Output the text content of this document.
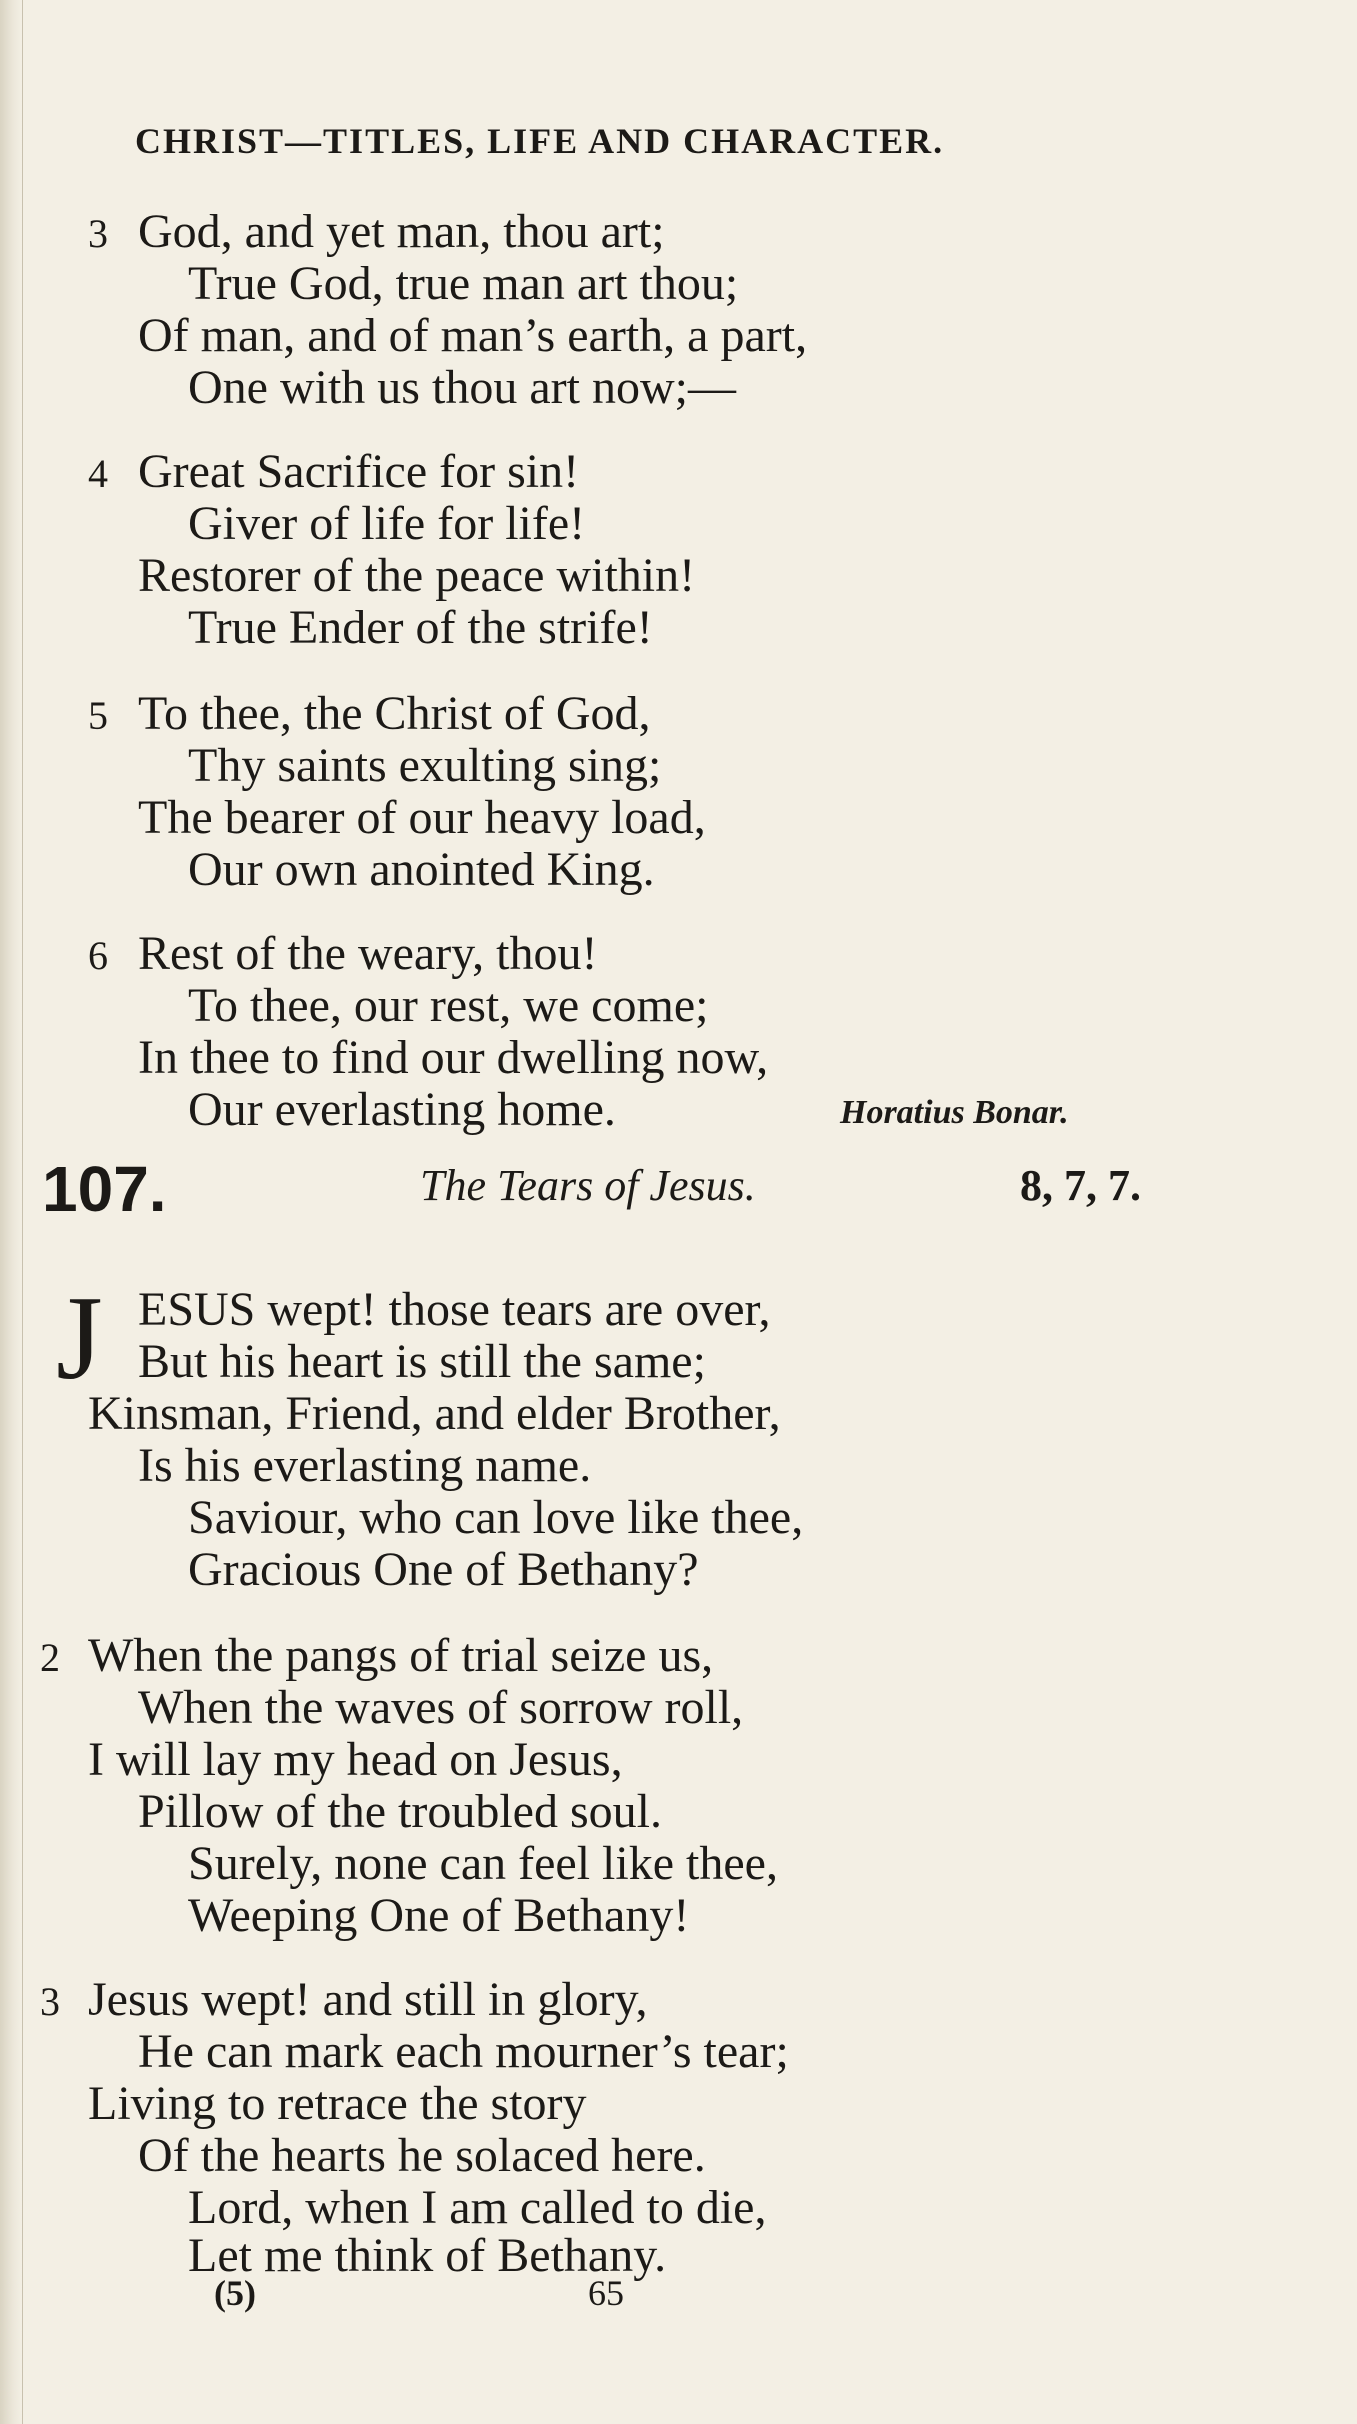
CHRIST—TITLES, LIFE AND CHARACTER.
3 God, and yet man, thou art;
True God, true man art thou;
Of man, and of man’s earth, a part,
One with us thou art now;—
4 Great Sacrifice for sin!
Giver of life for life!
Restorer of the peace within!
True Ender of the strife!
5 To thee, the Christ of God,
Thy saints exulting sing;
The bearer of our heavy load,
Our own anointed King.
6 Rest of the weary, thou!
To thee, our rest, we come;
In thee to find our dwelling now,
Our everlasting home.	Horatius Bonar.
107.	The Tears of Jesus.	8, 7, 7.
J ESUS wept! those tears are over,
But his heart is still the same;
Kinsman, Friend, and elder Brother,
Is his everlasting name.
Saviour, who can love like thee,
Gracious One of Bethany?
2 When the pangs of trial seize us,
When the waves of sorrow roll,
I will lay my head on Jesus,
Pillow of the troubled soul.
Surely, none can feel like thee,
Weeping One of Bethany!
3 Jesus wept! and still in glory,
He can mark each mourner’s tear;
Living to retrace the story
Of the hearts he solaced here.
Lord, when I am called to die,
Let me think of Bethany.
(5)	65
